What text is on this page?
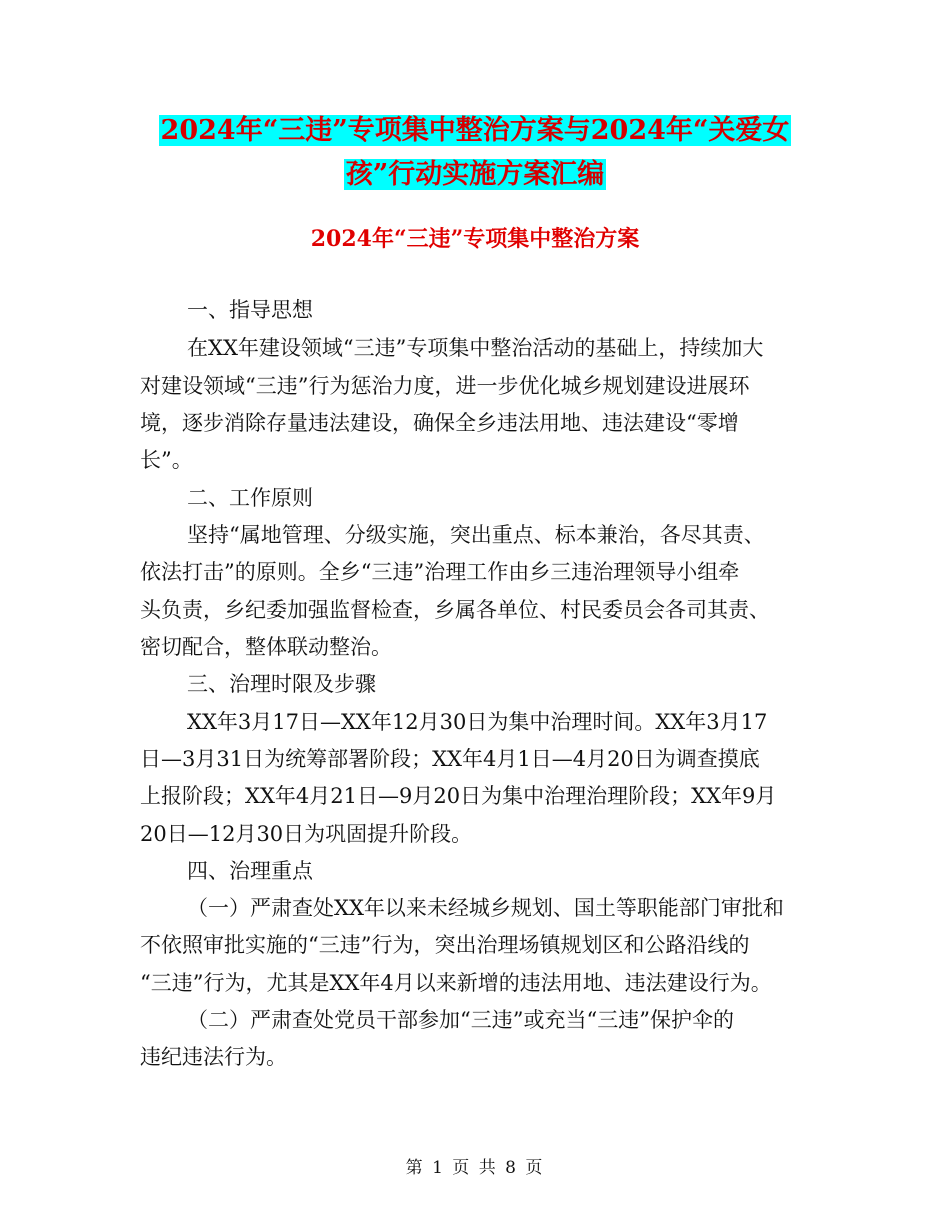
2024年“三违”专项集中整治方案与2024年“关爱女
孩”行动实施方案汇编
2024年“三违”专项集中整治方案
一、指导思想
在XX年建设领域“三违”专项集中整治活动的基础上，持续加大
对建设领域“三违”行为惩治力度，进一步优化城乡规划建设进展环
境，逐步消除存量违法建设，确保全乡违法用地、违法建设“零增
长”。
二、工作原则
坚持“属地管理、分级实施，突出重点、标本兼治，各尽其责、
依法打击”的原则。全乡“三违”治理工作由乡三违治理领导小组牵
头负责，乡纪委加强监督检查，乡属各单位、村民委员会各司其责、
密切配合，整体联动整治。
三、治理时限及步骤
XX年3月17日—XX年12月30日为集中治理时间。XX年3月17
日—3月31日为统筹部署阶段；XX年4月1日—4月20日为调查摸底
上报阶段；XX年4月21日—9月20日为集中治理治理阶段；XX年9月
20日—12月30日为巩固提升阶段。
四、治理重点
（一）严肃查处XX年以来未经城乡规划、国土等职能部门审批和
不依照审批实施的“三违”行为，突出治理场镇规划区和公路沿线的
“三违”行为，尤其是XX年4月以来新增的违法用地、违法建设行为。
（二）严肃查处党员干部参加“三违”或充当“三违”保护伞的
违纪违法行为。
第 1 页 共 8 页
